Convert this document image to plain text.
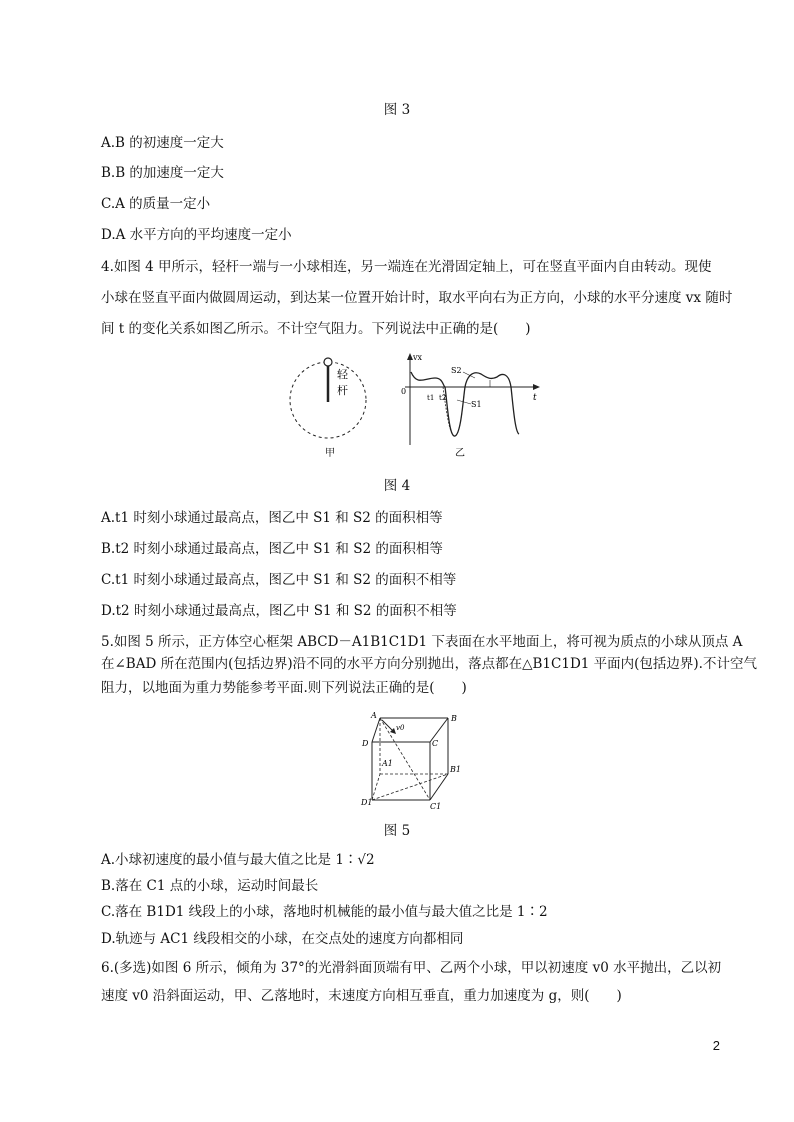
图 3
A.B 的初速度一定大
B.B 的加速度一定大
C.A 的质量一定小
D.A 水平方向的平均速度一定小
4.如图 4 甲所示，轻杆一端与一小球相连，另一端连在光滑固定轴上，可在竖直平面内自由转动。现使
小球在竖直平面内做圆周运动，到达某一位置开始计时，取水平向右为正方向，小球的水平分速度 vx 随时
间 t 的变化关系如图乙所示。不计空气阻力。下列说法中正确的是(　　)
轻
杆
甲
vx
0
t
t1 t2
S1
S2
乙
图 4
A.t1 时刻小球通过最高点，图乙中 S1 和 S2 的面积相等
B.t2 时刻小球通过最高点，图乙中 S1 和 S2 的面积相等
C.t1 时刻小球通过最高点，图乙中 S1 和 S2 的面积不相等
D.t2 时刻小球通过最高点，图乙中 S1 和 S2 的面积不相等
5.如图 5 所示，正方体空心框架 ABCD－A1B1C1D1 下表面在水平地面上，将可视为质点的小球从顶点 A
在∠BAD 所在范围内(包括边界)沿不同的水平方向分别抛出，落点都在△B1C1D1 平面内(包括边界).不计空气
阻力，以地面为重力势能参考平面.则下列说法正确的是(　　)
A	B
D	C
A1
B1
D1	C1
v0
图 5
A.小球初速度的最小值与最大值之比是 1∶√2
B.落在 C1 点的小球，运动时间最长
C.落在 B1D1 线段上的小球，落地时机械能的最小值与最大值之比是 1∶2
D.轨迹与 AC1 线段相交的小球，在交点处的速度方向都相同
6.(多选)如图 6 所示，倾角为 37°的光滑斜面顶端有甲、乙两个小球，甲以初速度 v0 水平抛出，乙以初
速度 v0 沿斜面运动，甲、乙落地时，末速度方向相互垂直，重力加速度为 g，则(　　)
2
